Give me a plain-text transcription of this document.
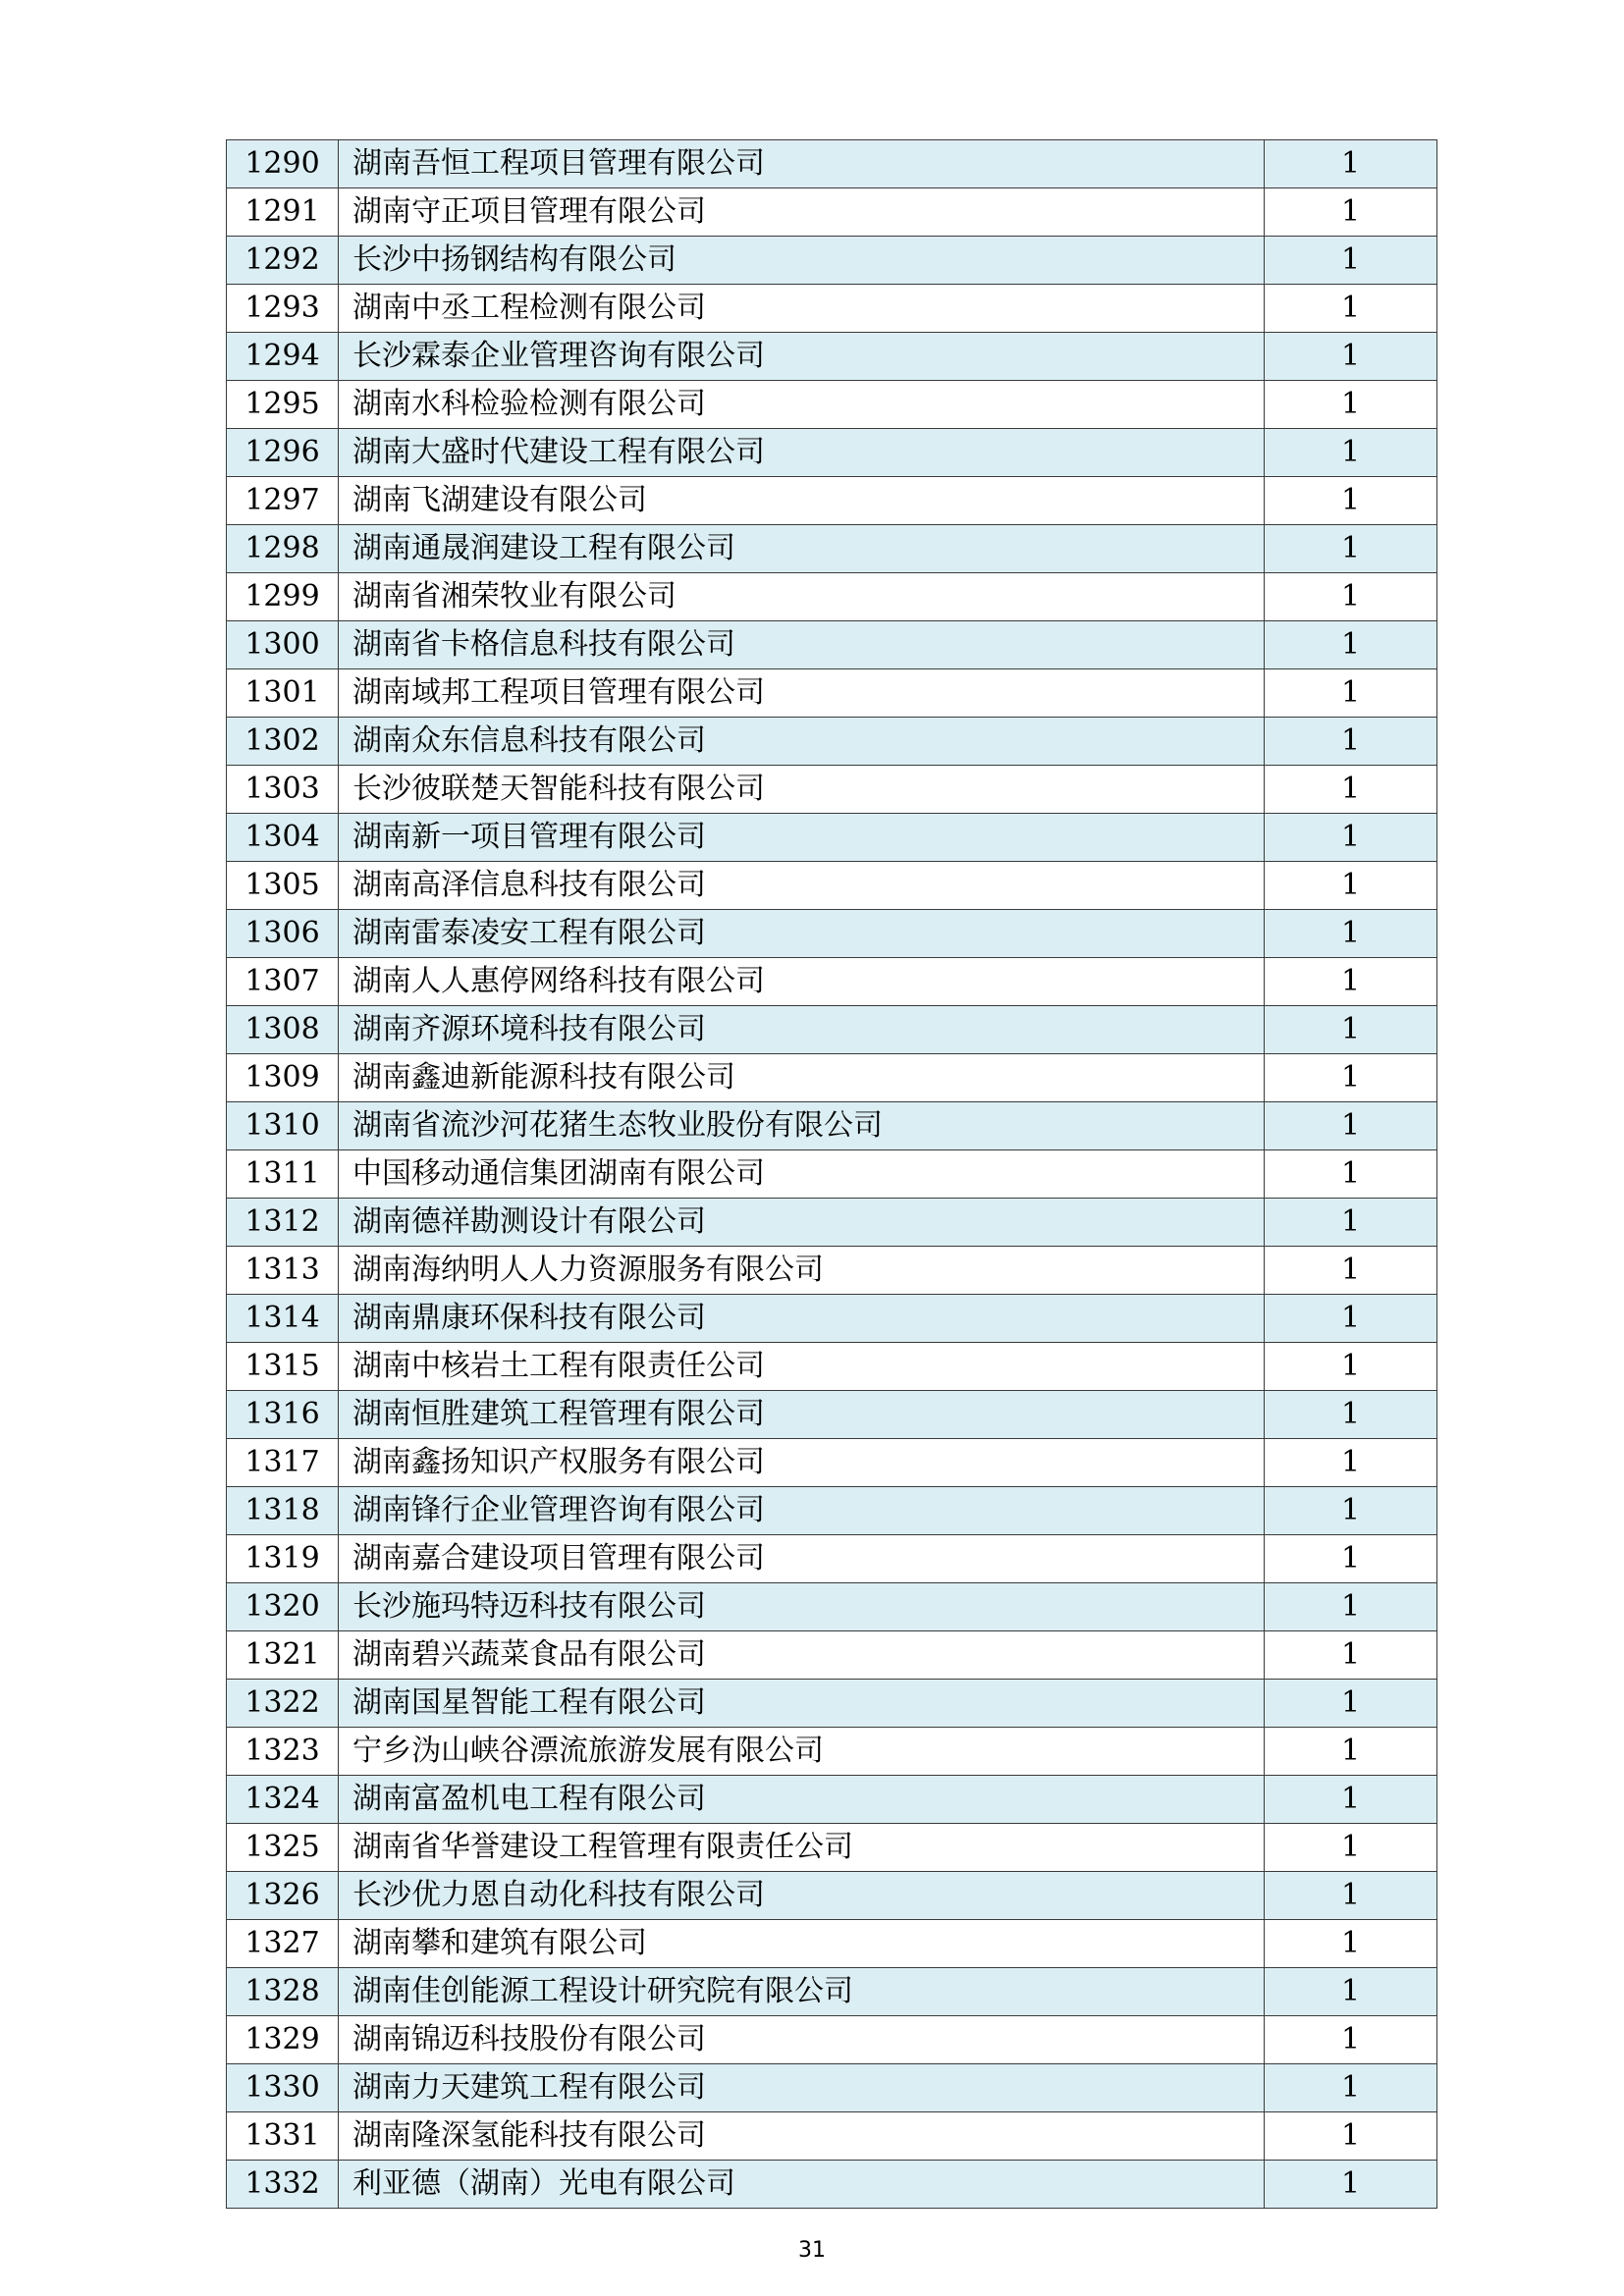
1290	湖南吾恒工程项目管理有限公司	1
1291	湖南守正项目管理有限公司	1
1292	长沙中扬钢结构有限公司	1
1293	湖南中丞工程检测有限公司	1
1294	长沙霖泰企业管理咨询有限公司	1
1295	湖南水科检验检测有限公司	1
1296	湖南大盛时代建设工程有限公司	1
1297	湖南飞湖建设有限公司	1
1298	湖南通晟润建设工程有限公司	1
1299	湖南省湘荣牧业有限公司	1
1300	湖南省卡格信息科技有限公司	1
1301	湖南域邦工程项目管理有限公司	1
1302	湖南众东信息科技有限公司	1
1303	长沙彼联楚天智能科技有限公司	1
1304	湖南新一项目管理有限公司	1
1305	湖南高泽信息科技有限公司	1
1306	湖南雷泰凌安工程有限公司	1
1307	湖南人人惠停网络科技有限公司	1
1308	湖南齐源环境科技有限公司	1
1309	湖南鑫迪新能源科技有限公司	1
1310	湖南省流沙河花猪生态牧业股份有限公司	1
1311	中国移动通信集团湖南有限公司	1
1312	湖南德祥勘测设计有限公司	1
1313	湖南海纳明人人力资源服务有限公司	1
1314	湖南鼎康环保科技有限公司	1
1315	湖南中核岩土工程有限责任公司	1
1316	湖南恒胜建筑工程管理有限公司	1
1317	湖南鑫扬知识产权服务有限公司	1
1318	湖南锋行企业管理咨询有限公司	1
1319	湖南嘉合建设项目管理有限公司	1
1320	长沙施玛特迈科技有限公司	1
1321	湖南碧兴蔬菜食品有限公司	1
1322	湖南国星智能工程有限公司	1
1323	宁乡沩山峡谷漂流旅游发展有限公司	1
1324	湖南富盈机电工程有限公司	1
1325	湖南省华誉建设工程管理有限责任公司	1
1326	长沙优力恩自动化科技有限公司	1
1327	湖南攀和建筑有限公司	1
1328	湖南佳创能源工程设计研究院有限公司	1
1329	湖南锦迈科技股份有限公司	1
1330	湖南力天建筑工程有限公司	1
1331	湖南隆深氢能科技有限公司	1
1332	利亚德（湖南）光电有限公司	1
31
